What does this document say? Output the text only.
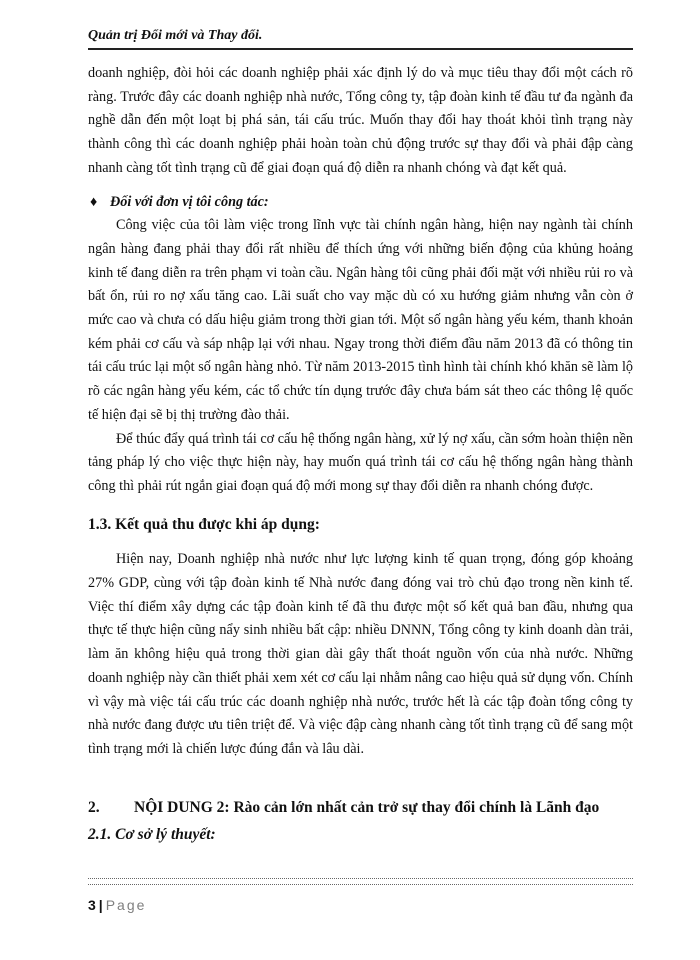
Quản trị Đổi mới và Thay đổi.

doanh nghiệp, đòi hỏi các doanh nghiệp phải xác định lý do và mục tiêu thay đổi một cách rõ ràng. Trước đây các doanh nghiệp nhà nước, Tổng công ty, tập đoàn kinh tế đầu tư đa ngành đa nghề dẫn đến một loạt bị phá sản, tái cấu trúc. Muốn thay đổi hay thoát khỏi tình trạng này thành công thì các doanh nghiệp phải hoàn toàn chủ động trước sự thay đổi và phải đập càng nhanh càng tốt tình trạng cũ để giai đoạn quá độ diễn ra nhanh chóng và đạt kết quả.

♦ Đối với đơn vị tôi công tác:

Công việc của tôi làm việc trong lĩnh vực tài chính ngân hàng, hiện nay ngành tài chính ngân hàng đang phải thay đổi rất nhiều để thích ứng với những biến động của khủng hoảng kinh tế đang diễn ra trên phạm vi toàn cầu. Ngân hàng tôi cũng phải đối mặt với nhiều rủi ro và bất ổn, rủi ro nợ xấu tăng cao. Lãi suất cho vay mặc dù có xu hướng giảm nhưng vẫn còn ở mức cao và chưa có dấu hiệu giảm trong thời gian tới. Một số ngân hàng yếu kém, thanh khoản kém phải cơ cấu và sáp nhập lại với nhau. Ngay trong thời điểm đầu năm 2013 đã có thông tin tái cấu trúc lại một số ngân hàng nhỏ. Từ năm 2013-2015 tình hình tài chính khó khăn sẽ làm lộ rõ các ngân hàng yếu kém, các tổ chức tín dụng trước đây chưa bám sát theo các thông lệ quốc tế hiện đại sẽ bị thị trường đào thải.

Để thúc đẩy quá trình tái cơ cấu hệ thống ngân hàng, xử lý nợ xấu, cần sớm hoàn thiện nền tảng pháp lý cho việc thực hiện này, hay muốn quá trình tái cơ cấu hệ thống ngân hàng thành công thì phải rút ngắn giai đoạn quá độ mới mong sự thay đổi diễn ra nhanh chóng được.

1.3. Kết quả thu được khi áp dụng:

Hiện nay, Doanh nghiệp nhà nước như lực lượng kinh tế quan trọng, đóng góp khoảng 27% GDP, cùng với tập đoàn kinh tế Nhà nước đang đóng vai trò chủ đạo trong nền kinh tế. Việc thí điểm xây dựng các tập đoàn kinh tế đã thu được một số kết quả ban đầu, nhưng qua thực tế thực hiện cũng nẩy sinh nhiều bất cập: nhiều DNNN, Tổng công ty kinh doanh dàn trải, làm ăn không hiệu quả trong thời gian dài gây thất thoát nguồn vốn của nhà nước. Những doanh nghiệp này cần thiết phải xem xét cơ cấu lại nhằm nâng cao hiệu quả sử dụng vốn. Chính vì vậy mà việc tái cấu trúc các doanh nghiệp nhà nước, trước hết là các tập đoàn tổng công ty nhà nước đang được ưu tiên triệt để. Và việc đập càng nhanh càng tốt tình trạng cũ để sang một tình trạng mới là chiến lược đúng đắn và lâu dài.

2.	NỘI DUNG 2: Rào cản lớn nhất cản trở sự thay đổi chính là Lãnh đạo
2.1. Cơ sở lý thuyết:
3 | Page
